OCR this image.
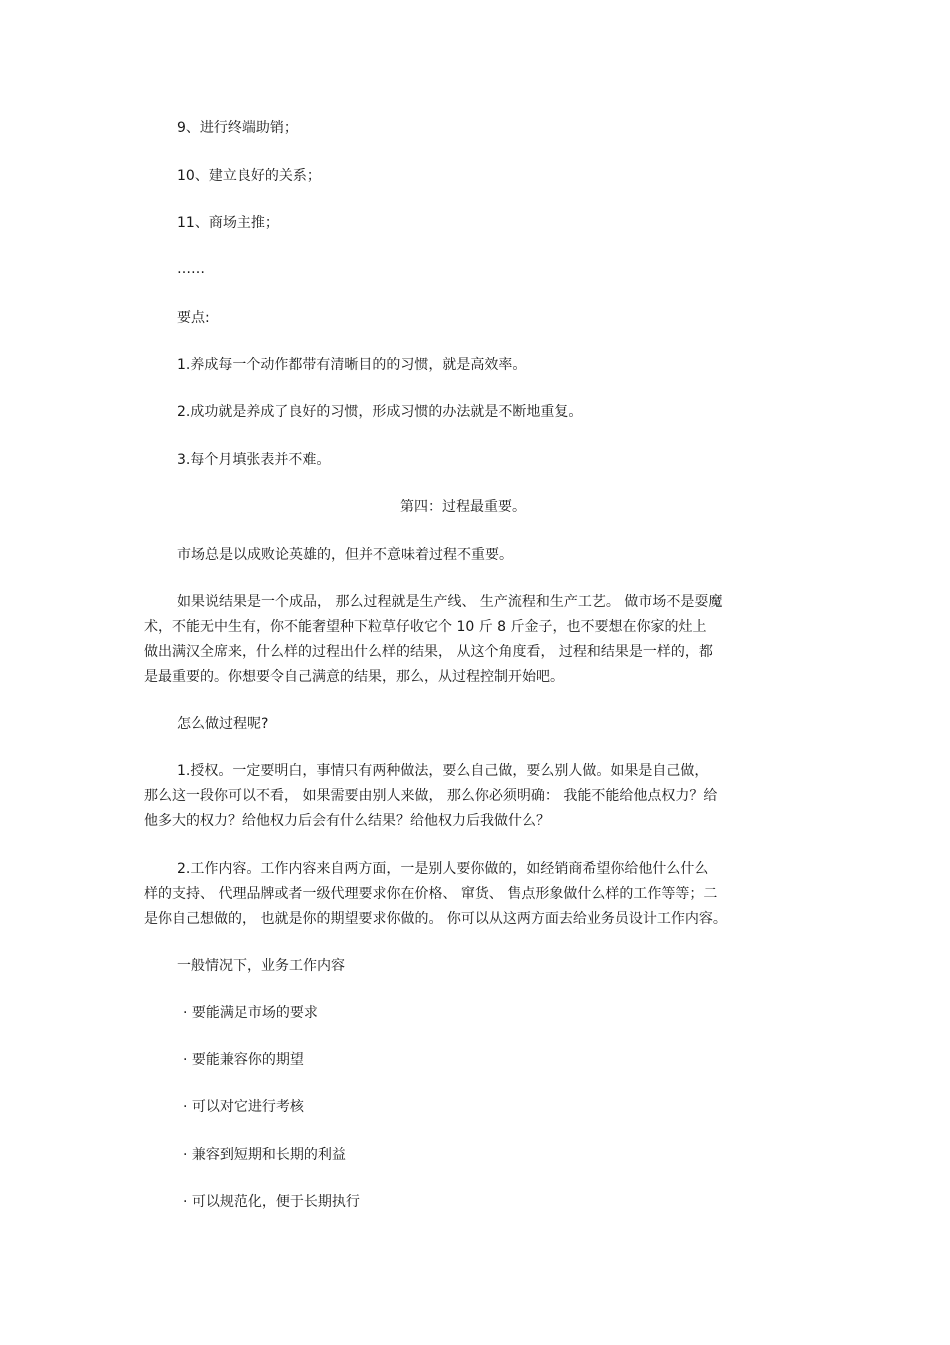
9、进行终端助销；
10、建立良好的关系；
11、商场主推；
……
要点:
1.养成每一个动作都带有清晰目的的习惯，就是高效率。
2.成功就是养成了良好的习惯，形成习惯的办法就是不断地重复。
3.每个月填张表并不难。
第四：过程最重要。
市场总是以成败论英雄的，但并不意味着过程不重要。
如果说结果是一个成品， 那么过程就是生产线、 生产流程和生产工艺。 做市场不是耍魔
术，不能无中生有，你不能奢望种下粒草仔收它个 10 斤 8 斤金子，也不要想在你家的灶上
做出满汉全席来，什么样的过程出什么样的结果， 从这个角度看， 过程和结果是一样的，都
是最重要的。你想要令自己满意的结果，那么，从过程控制开始吧。
怎么做过程呢?
1.授权。一定要明白，事情只有两种做法，要么自己做，要么别人做。如果是自己做，
那么这一段你可以不看， 如果需要由别人来做， 那么你必须明确： 我能不能给他点权力？给
他多大的权力？给他权力后会有什么结果？给他权力后我做什么？
2.工作内容。工作内容来自两方面，一是别人要你做的，如经销商希望你给他什么什么
样的支持、 代理品牌或者一级代理要求你在价格、 窜货、 售点形象做什么样的工作等等；二
是你自己想做的， 也就是你的期望要求你做的。 你可以从这两方面去给业务员设计工作内容。
一般情况下，业务工作内容
· 要能满足市场的要求
· 要能兼容你的期望
· 可以对它进行考核
· 兼容到短期和长期的利益
· 可以规范化，便于长期执行
